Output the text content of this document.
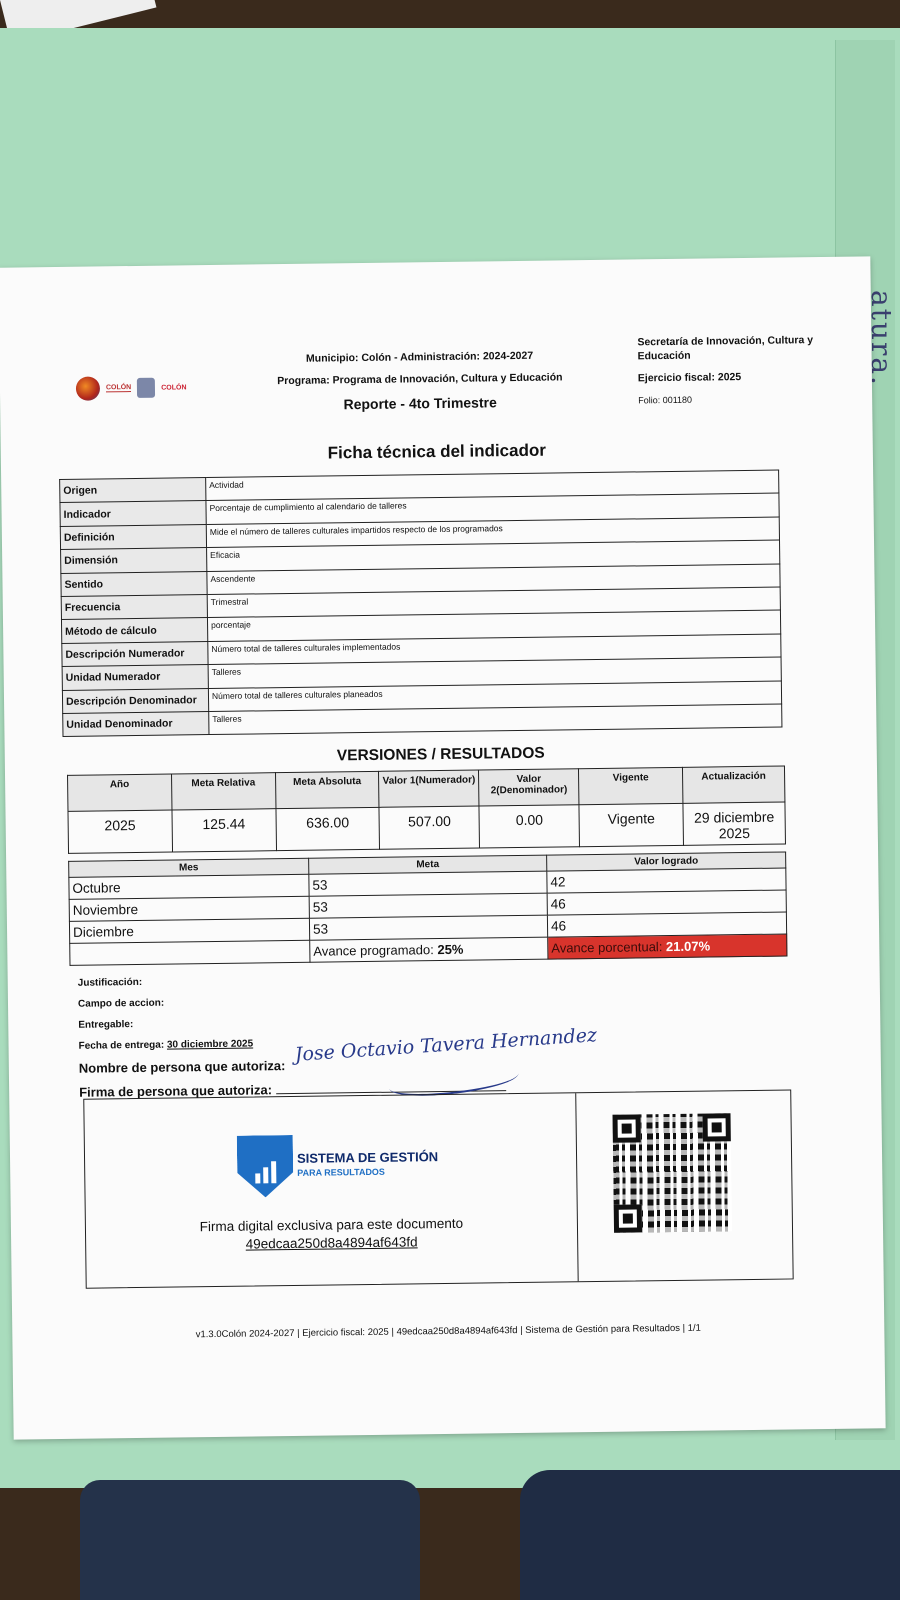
atura.
COLÓN	COLÓN
Municipio: Colón - Administración: 2024-2027
Programa: Programa de Innovación, Cultura y Educación
Reporte - 4to Trimestre
Secretaría de Innovación, Cultura y Educación
Ejercicio fiscal: 2025
Folio: 001180
Ficha técnica del indicador
Origen	Actividad
Indicador	Porcentaje de cumplimiento al calendario de talleres
Definición	Mide el número de talleres culturales impartidos respecto de los programados
Dimensión	Eficacia
Sentido	Ascendente
Frecuencia	Trimestral
Método de cálculo	porcentaje
Descripción Numerador	Número total de talleres culturales implementados
Unidad Numerador	Talleres
Descripción Denominador	Número total de talleres culturales planeados
Unidad Denominador	Talleres
VERSIONES / RESULTADOS
Año	Meta Relativa	Meta Absoluta	Valor 1(Numerador)	Valor 2(Denominador)	Vigente	Actualización
2025	125.44	636.00	507.00	0.00	Vigente	29 diciembre 2025
Mes	Meta	Valor logrado
Octubre	53	42
Noviembre	53	46
Diciembre	53	46
	Avance programado: 25%	Avance porcentual: 21.07%
Justificación:
Campo de accion:
Entregable:
Fecha de entrega: 30 diciembre 2025
Nombre de persona que autoriza:
Firma de persona que autoriza:
Jose Octavio Tavera Hernandez
SISTEMA DE GESTIÓN
PARA RESULTADOS
Firma digital exclusiva para este documento
49edcaa250d8a4894af643fd
v1.3.0Colón 2024-2027 | Ejercicio fiscal: 2025 | 49edcaa250d8a4894af643fd | Sistema de Gestión para Resultados | 1/1
